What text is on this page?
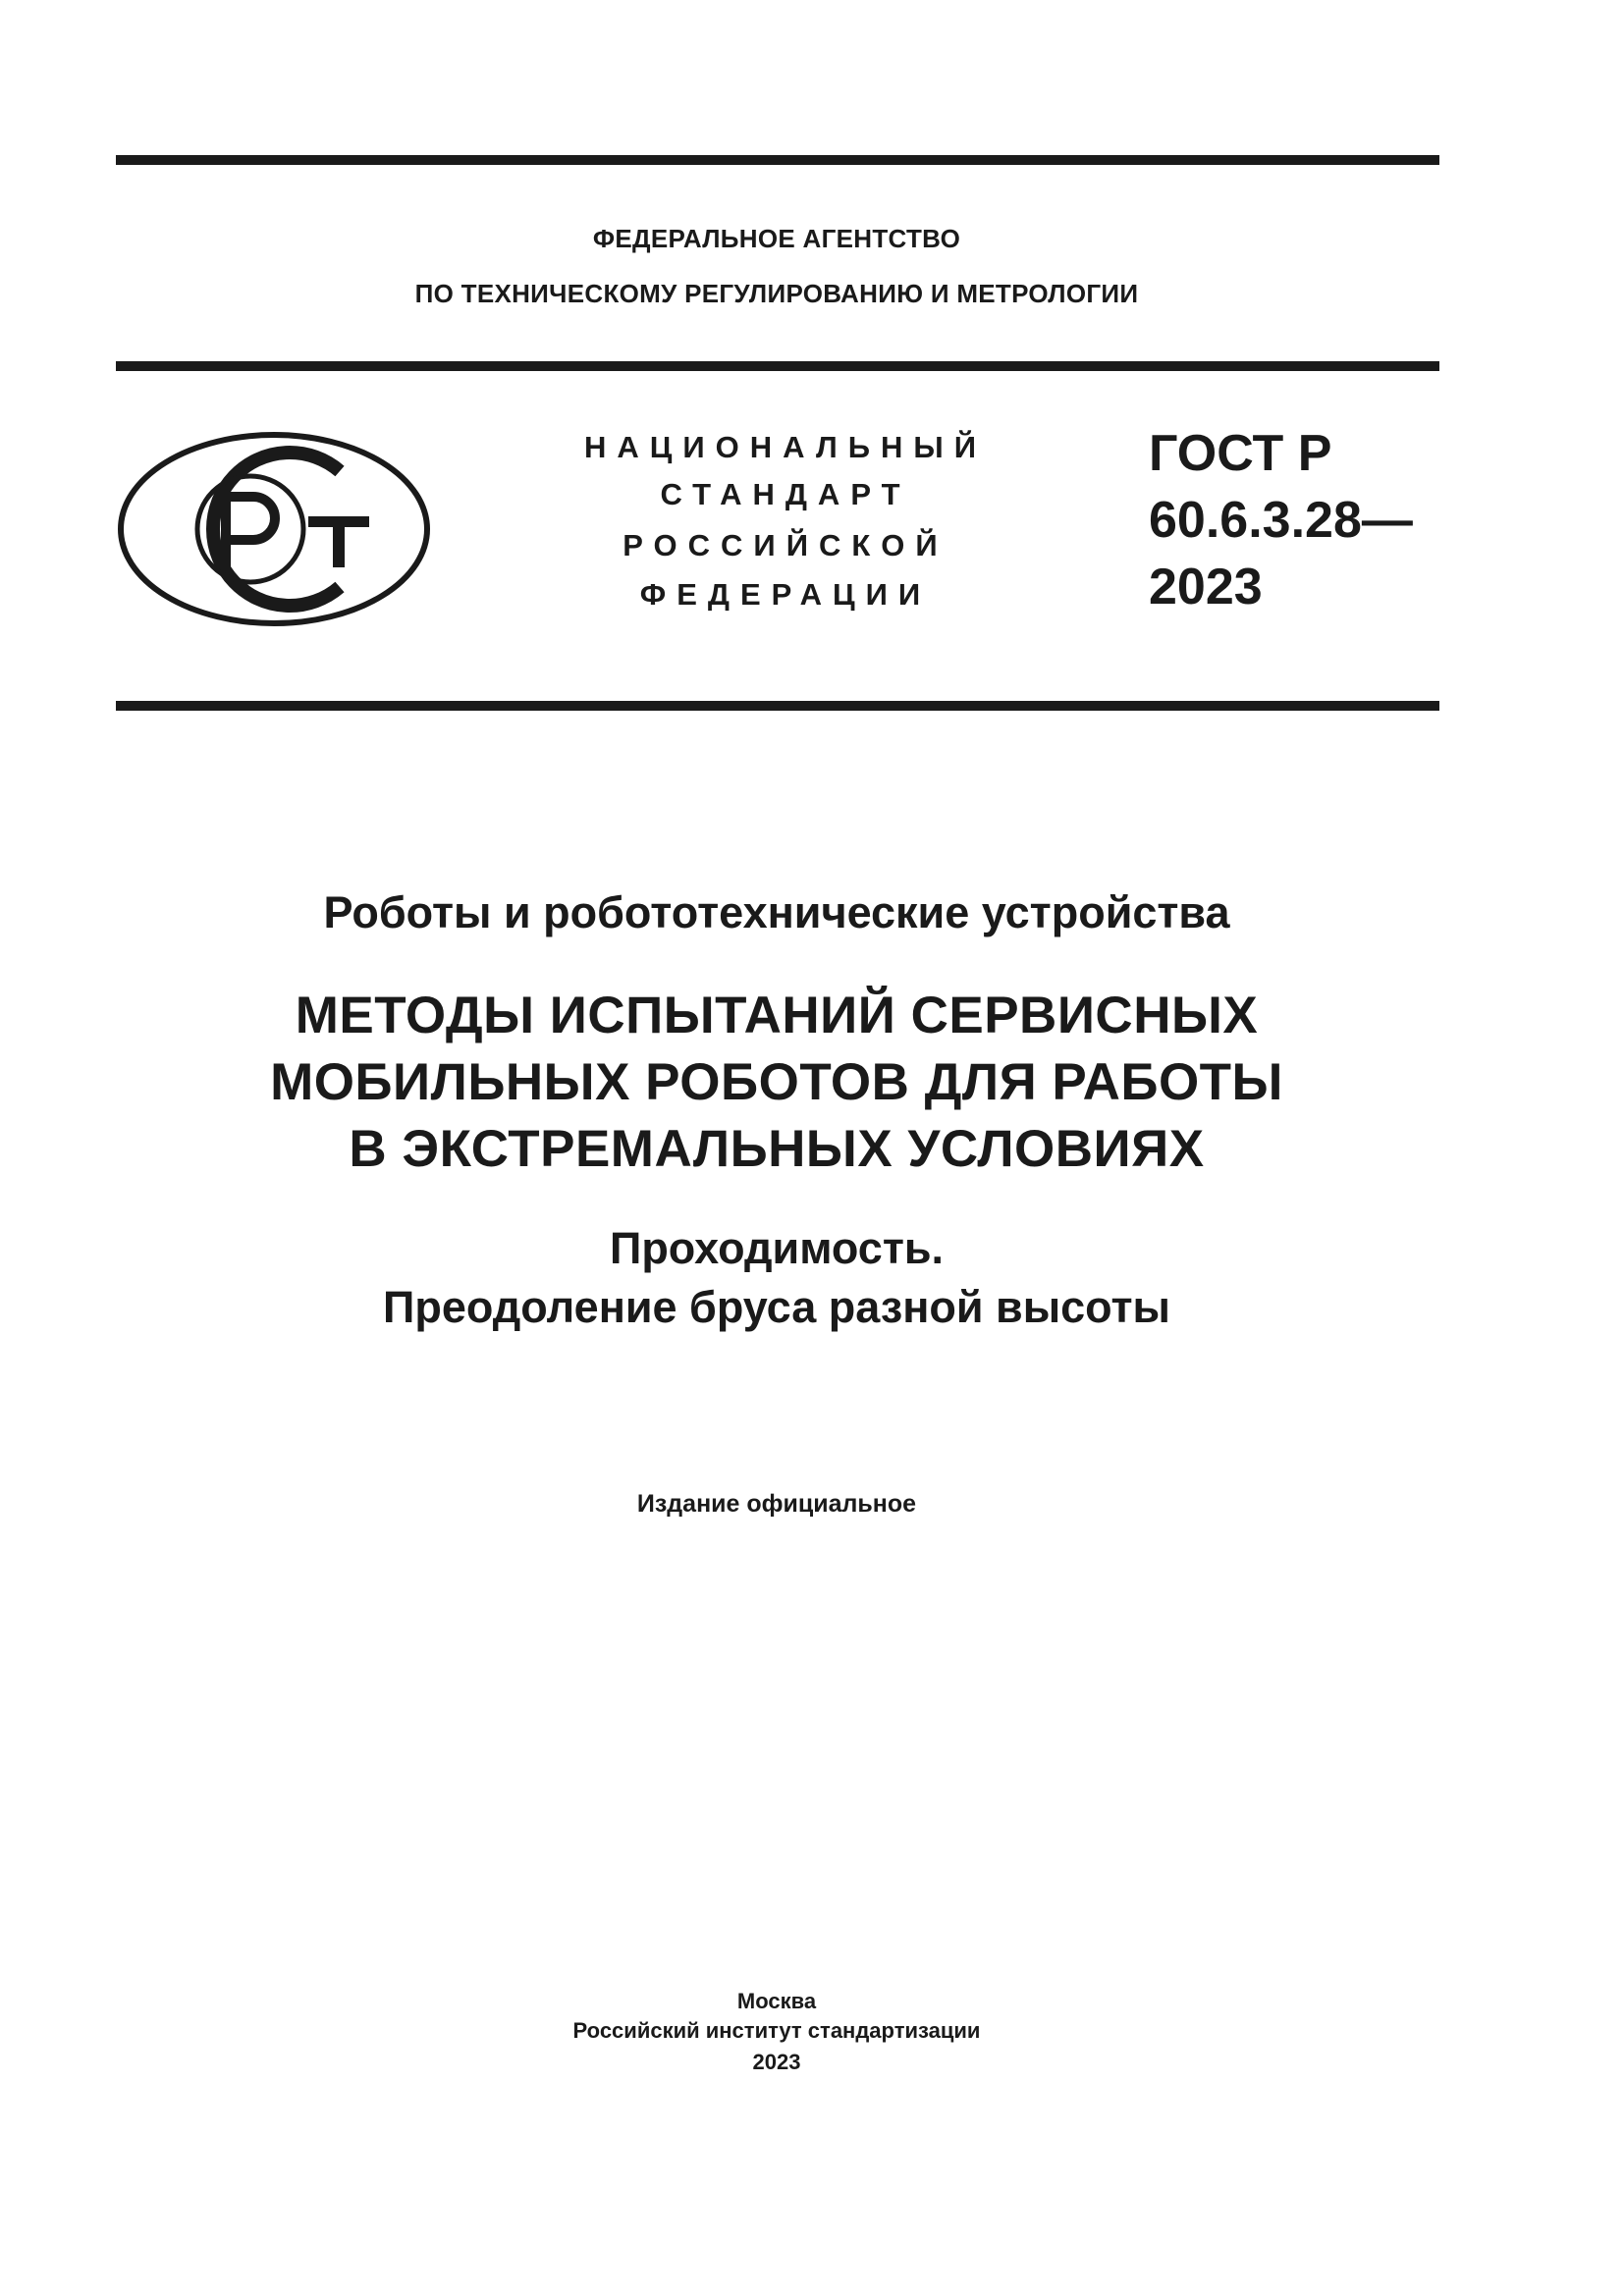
ФЕДЕРАЛЬНОЕ АГЕНТСТВО
ПО ТЕХНИЧЕСКОМУ РЕГУЛИРОВАНИЮ И МЕТРОЛОГИИ
НАЦИОНАЛЬНЫЙ
СТАНДАРТ
РОССИЙСКОЙ
ФЕДЕРАЦИИ
ГОСТ Р
60.6.3.28—
2023
Роботы и робототехнические устройства
МЕТОДЫ ИСПЫТАНИЙ СЕРВИСНЫХ
МОБИЛЬНЫХ РОБОТОВ ДЛЯ РАБОТЫ
В ЭКСТРЕМАЛЬНЫХ УСЛОВИЯХ
Проходимость.
Преодоление бруса разной высоты
Издание официальное
Москва
Российский институт стандартизации
2023
